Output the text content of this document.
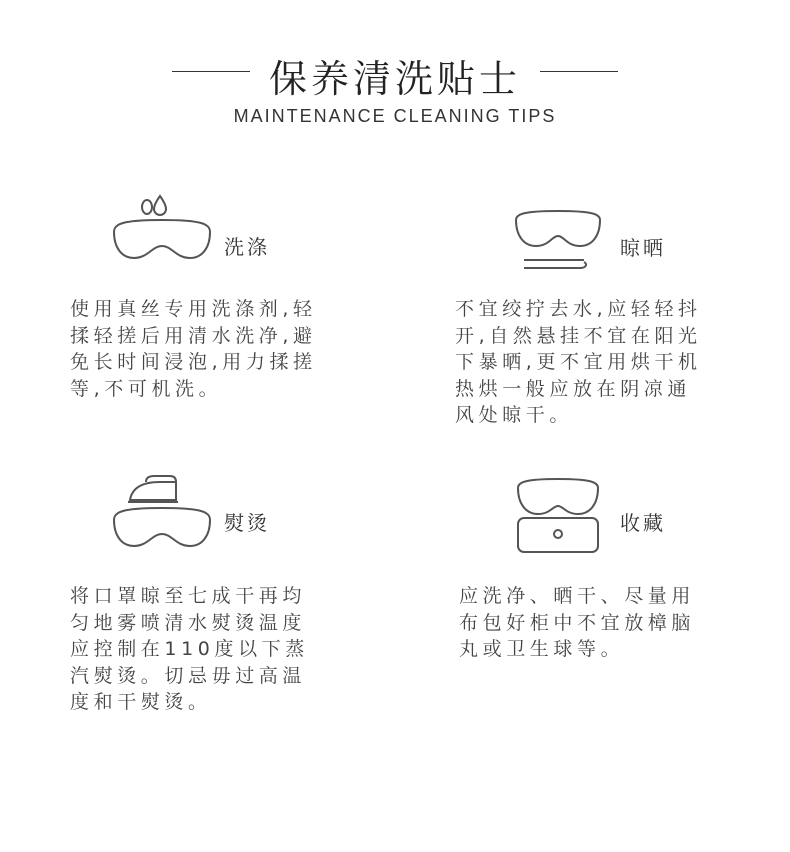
保养清洗贴士
MAINTENANCE CLEANING TIPS
洗涤
使用真丝专用洗涤剂,轻
揉轻搓后用清水洗净,避
免长时间浸泡,用力揉搓
等,不可机洗。
晾晒
不宜绞拧去水,应轻轻抖
开,自然悬挂不宜在阳光
下暴晒,更不宜用烘干机
热烘一般应放在阴凉通
风处晾干。
熨烫
将口罩晾至七成干再均
匀地雾喷清水熨烫温度
应控制在110度以下蒸
汽熨烫。切忌毋过高温
度和干熨烫。
收藏
应洗净、晒干、尽量用
布包好柜中不宜放樟脑
丸或卫生球等。
